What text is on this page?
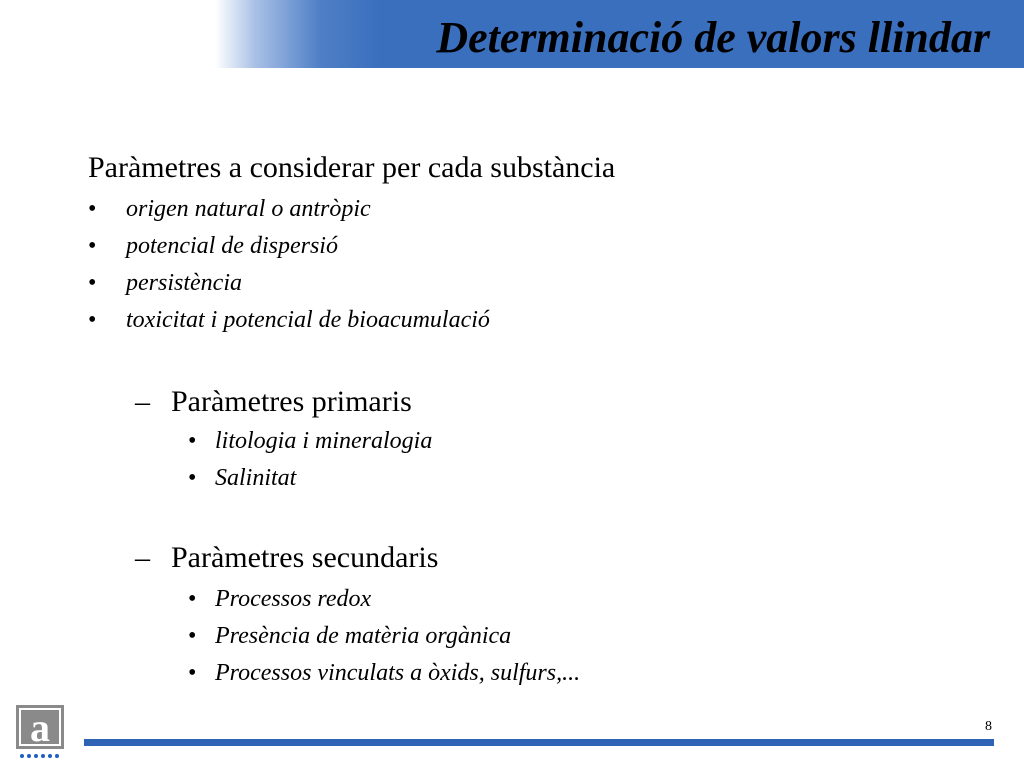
Determinació de valors llindar
Paràmetres a considerar per cada substància
• origen natural o antròpic
• potencial de dispersió
• persistència
• toxicitat i potencial de bioacumulació
– Paràmetres primaris
• litologia i mineralogia
• Salinitat
– Paràmetres secundaris
• Processos redox
• Presència de matèria orgànica
• Processos vinculats a òxids, sulfurs,...
a	8
